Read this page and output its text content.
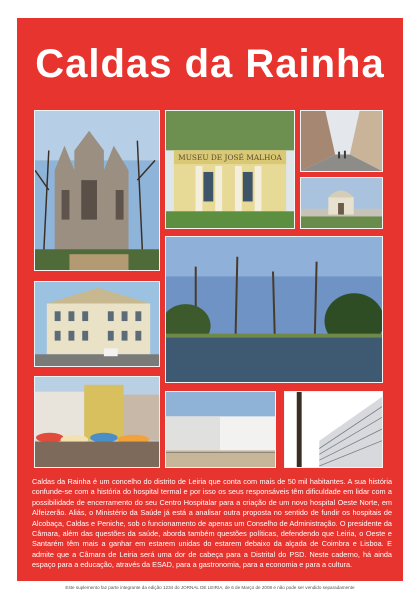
Caldas da Rainha
MUSEU DE JOSÉ MALHOA
Caldas da Rainha é um concelho do distrito de Leiria que conta com mais de 50 mil habitantes. A sua história confunde-se com a história do hospital termal e por isso os seus responsáveis têm dificuldade em lidar com a possibilidade de encerramento do seu Centro Hospitalar para a criação de um novo hospital Oeste Norte, em Alfeizerão. Aliás, o Ministério da Saúde já está a analisar outra proposta no sentido de fundir os hospitais de Alcobaça, Caldas e Peniche, sob o funcionamento de apenas um Conselho de Administração. O presidente da Câmara, além das questões da saúde, aborda também questões políticas, defendendo que Leiria, o Oeste e Santarém têm mais a ganhar em estarem unidas do estarem debaixo da alçada de Coimbra e Lisboa. E admite que a Câmara de Leiria será uma dor de cabeça para a Distrital do PSD. Neste caderno, há ainda espaço para a educação, através da ESAD, para a gastronomia, para a economia e para a cultura.
Este suplemento faz parte integrante da edição 1234 do JORNAL DE LEIRIA, de 6 de Março de 2008 e não pode ser vendido separadamente
